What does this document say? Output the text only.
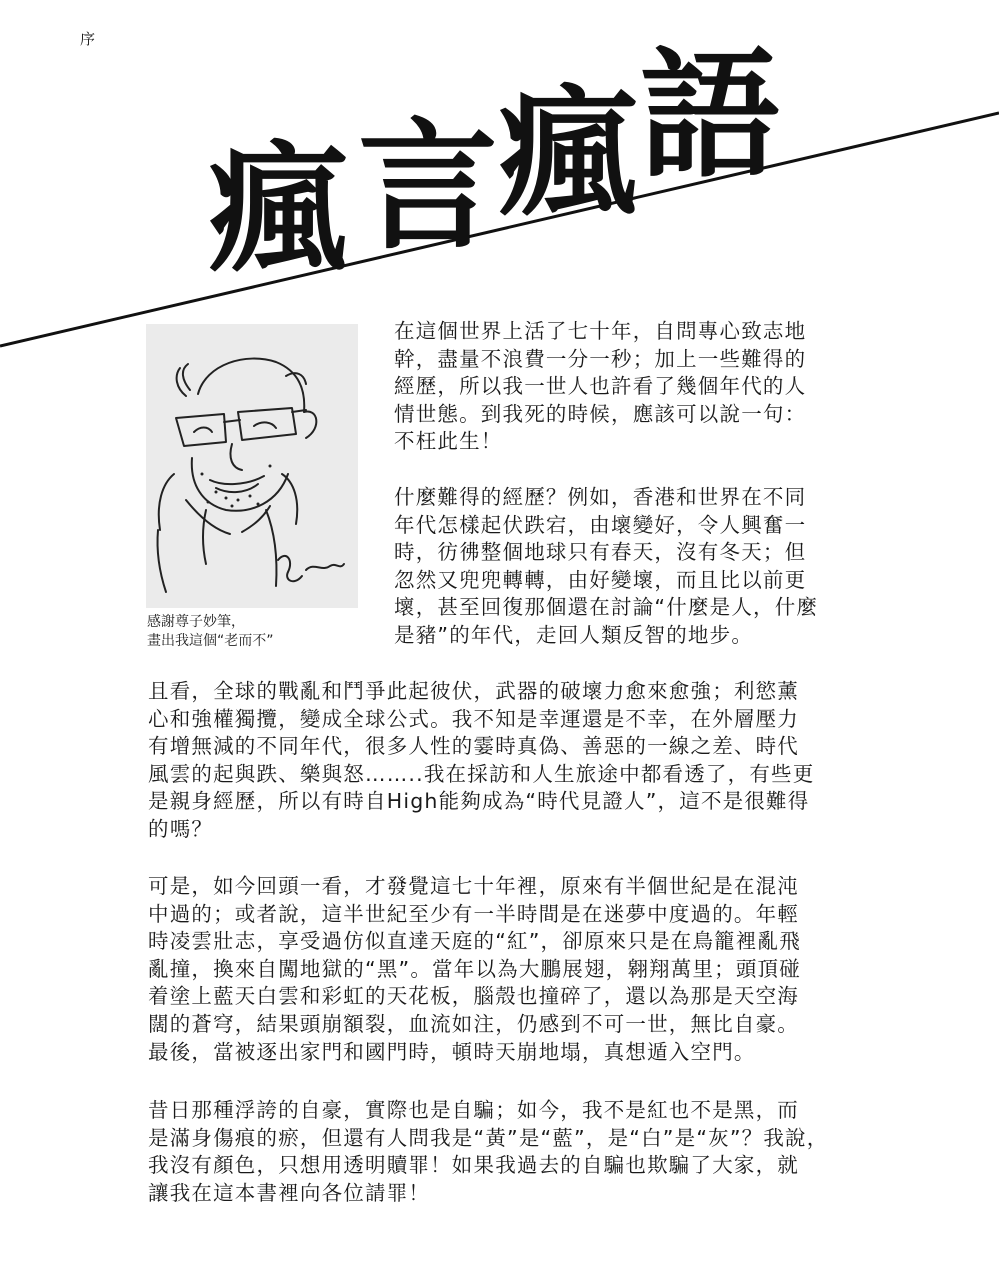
序
瘋 言 瘋 語
感謝尊子妙筆，
畫出我這個“老而不”
在這個世界上活了七十年，自問專心致志地
幹，盡量不浪費一分一秒；加上一些難得的
經歷，所以我一世人也許看了幾個年代的人
情世態。到我死的時候，應該可以說一句：
不枉此生！
什麼難得的經歷？例如，香港和世界在不同
年代怎樣起伏跌宕，由壞變好，令人興奮一
時，彷彿整個地球只有春天，沒有冬天；但
忽然又兜兜轉轉，由好變壞，而且比以前更
壞，甚至回復那個還在討論“什麼是人，什麼
是豬”的年代，走回人類反智的地步。
且看，全球的戰亂和鬥爭此起彼伏，武器的破壞力愈來愈強；利慾薰
心和強權獨攬，變成全球公式。我不知是幸運還是不幸，在外層壓力
有增無減的不同年代，很多人性的霎時真偽、善惡的一線之差、時代
風雲的起與跌、樂與怒……..我在採訪和人生旅途中都看透了，有些更
是親身經歷，所以有時自High能夠成為“時代見證人”，這不是很難得
的嗎？
可是，如今回頭一看，才發覺這七十年裡，原來有半個世紀是在混沌
中過的；或者說，這半世紀至少有一半時間是在迷夢中度過的。年輕
時凌雲壯志，享受過仿似直達天庭的“紅”，卻原來只是在鳥籠裡亂飛
亂撞，換來自闖地獄的“黑”。當年以為大鵬展翅，翱翔萬里；頭頂碰
着塗上藍天白雲和彩虹的天花板，腦殼也撞碎了，還以為那是天空海
闊的蒼穹，結果頭崩額裂，血流如注，仍感到不可一世，無比自豪。
最後，當被逐出家門和國門時，頓時天崩地塌，真想遁入空門。
昔日那種浮誇的自豪，實際也是自騙；如今，我不是紅也不是黑，而
是滿身傷痕的瘀，但還有人問我是“黃”是“藍”，是“白”是“灰”？我說，
我沒有顏色，只想用透明贖罪！如果我過去的自騙也欺騙了大家，就
讓我在這本書裡向各位請罪！
